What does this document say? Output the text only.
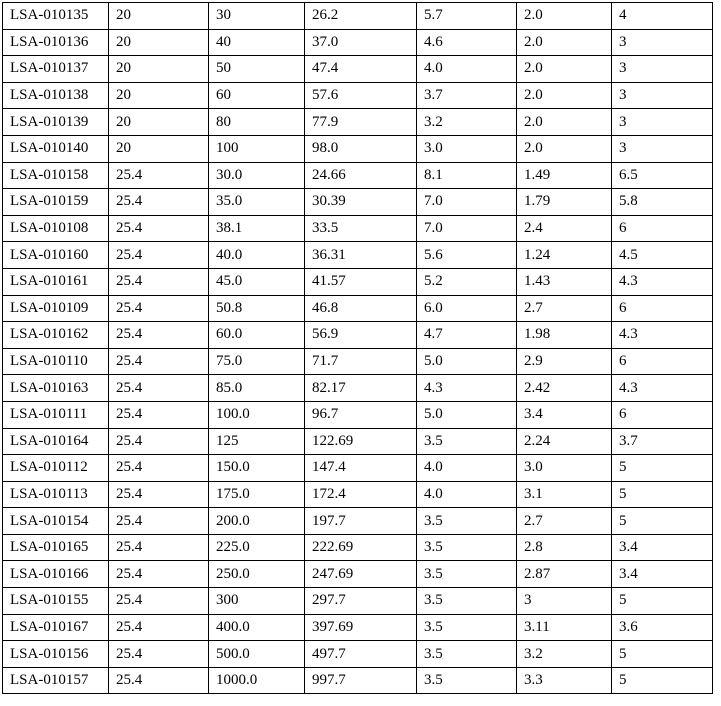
LSA-010135	20	30	26.2	5.7	2.0	4
LSA-010136	20	40	37.0	4.6	2.0	3
LSA-010137	20	50	47.4	4.0	2.0	3
LSA-010138	20	60	57.6	3.7	2.0	3
LSA-010139	20	80	77.9	3.2	2.0	3
LSA-010140	20	100	98.0	3.0	2.0	3
LSA-010158	25.4	30.0	24.66	8.1	1.49	6.5
LSA-010159	25.4	35.0	30.39	7.0	1.79	5.8
LSA-010108	25.4	38.1	33.5	7.0	2.4	6
LSA-010160	25.4	40.0	36.31	5.6	1.24	4.5
LSA-010161	25.4	45.0	41.57	5.2	1.43	4.3
LSA-010109	25.4	50.8	46.8	6.0	2.7	6
LSA-010162	25.4	60.0	56.9	4.7	1.98	4.3
LSA-010110	25.4	75.0	71.7	5.0	2.9	6
LSA-010163	25.4	85.0	82.17	4.3	2.42	4.3
LSA-010111	25.4	100.0	96.7	5.0	3.4	6
LSA-010164	25.4	125	122.69	3.5	2.24	3.7
LSA-010112	25.4	150.0	147.4	4.0	3.0	5
LSA-010113	25.4	175.0	172.4	4.0	3.1	5
LSA-010154	25.4	200.0	197.7	3.5	2.7	5
LSA-010165	25.4	225.0	222.69	3.5	2.8	3.4
LSA-010166	25.4	250.0	247.69	3.5	2.87	3.4
LSA-010155	25.4	300	297.7	3.5	3	5
LSA-010167	25.4	400.0	397.69	3.5	3.11	3.6
LSA-010156	25.4	500.0	497.7	3.5	3.2	5
LSA-010157	25.4	1000.0	997.7	3.5	3.3	5
